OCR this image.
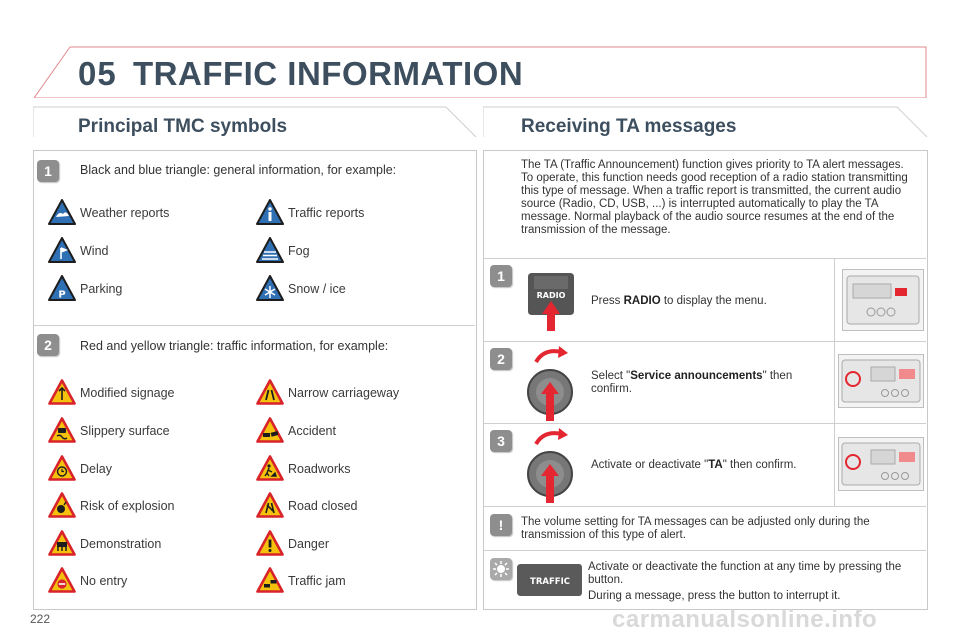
05 TRAFFIC INFORMATION
Principal TMC symbols	Receiving TA messages
1	Black and blue triangle: general information, for example:
2	Red and yellow triangle: traffic information, for example:
Weather reports	Traffic reports
Wind	Fog
P Parking	Snow / ice
Modified signage	Narrow carriageway
Slippery surface	Accident
Delay	Roadworks
Risk of explosion	Road closed
Demonstration	Danger
No entry	Traffic jam
The TA (Traffic Announcement) function gives priority to TA alert messages. To operate, this function needs good reception of a radio station transmitting this type of message. When a traffic report is transmitted, the current audio source (Radio, CD, USB, ...) is interrupted automatically to play the TA message. Normal playback of the audio source resumes at the end of the transmission of the message.
1
RADIO Press RADIO to display the menu.
2
Select "Service announcements" then confirm.
3
Activate or deactivate "TA" then confirm.
!	The volume setting for TA messages can be adjusted only during the transmission of this type of alert.
TRAFFIC
Activate or deactivate the function at any time by pressing the button.
During a message, press the button to interrupt it.
222	carmanualsonline.info
